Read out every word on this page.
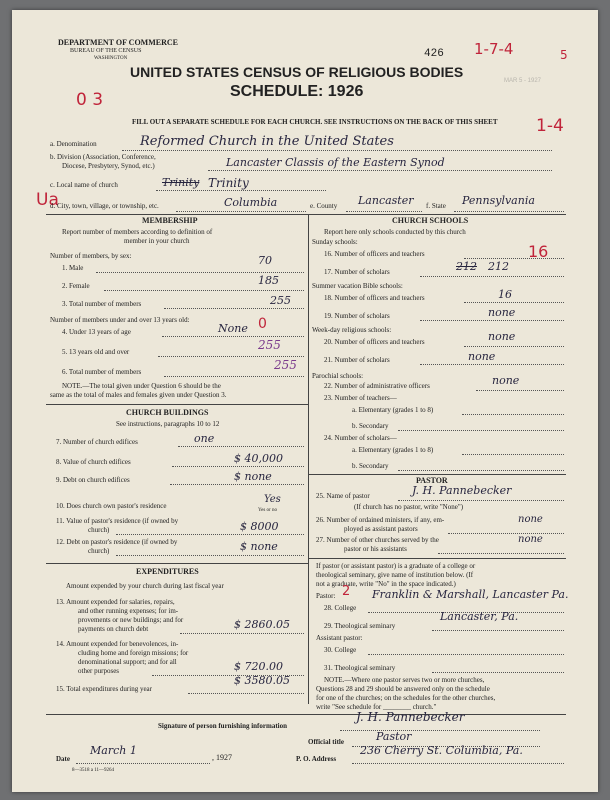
DEPARTMENT OF COMMERCE
BUREAU OF THE CENSUS
WASHINGTON	426 1-7-4	5
MAR 5 - 1927
UNITED STATES CENSUS OF RELIGIOUS BODIES
SCHEDULE: 1926
0 3
1-4
FILL OUT A SEPARATE SCHEDULE FOR EACH CHURCH. SEE INSTRUCTIONS ON THE BACK OF THIS SHEET
a. Denomination	Reformed Church in the United States
b. Division (Association, Conference,
Diocese, Presbytery, Synod, etc.)	Lancaster Classis of the Eastern Synod
Ua
c. Local name of church	Trinity Trinity
d. City, town, village, or township, etc.	Columbia	e. County Lancaster f. State Pennsylvania
MEMBERSHIP
Report number of members according to definition of
member in your church
Number of members, by sex:
1. Male
70
2. Female	185
3. Total number of members	255
Number of members under and over 13 years old:	0
4. Under 13 years of age	None
5. 13 years old and over	255
6. Total number of members	255
NOTE.—The total given under Question 6 should be the
same as the total of males and females given under Question 3.
CHURCH BUILDINGS
See instructions, paragraphs 10 to 12
7. Number of church edifices	one
8. Value of church edifices	$ 40,000
9. Debt on church edifices	$ none
10. Does church own pastor's residence
Yes
Yes or no
11. Value of pastor's residence (if owned by
church)	$ 8000
12. Debt on pastor's residence (if owned by
church)	$ none
EXPENDITURES
Amount expended by your church during last fiscal year
13. Amount expended for salaries, repairs,
and other running expenses; for im-
provements or new buildings; and for
payments on church debt	$ 2860.05
14. Amount expended for benevolences, in-
cluding home and foreign missions; for
denominational support; and for all
other purposes	$ 720.00
15. Total expenditures during year
$ 3580.05
CHURCH SCHOOLS
Report here only schools conducted by this church
Sunday schools:
16. Number of officers and teachers	16
17. Number of scholars	212 212
Summer vacation Bible schools:
18. Number of officers and teachers	16
19. Number of scholars	none
Week-day religious schools:
20. Number of officers and teachers	none
21. Number of scholars	none
Parochial schools:
22. Number of administrative officers	none
23. Number of teachers—
a. Elementary (grades 1 to 8)
b. Secondary
24. Number of scholars—
a. Elementary (grades 1 to 8)
b. Secondary
PASTOR
25. Name of pastor	J. H. Pannebecker
(If church has no pastor, write "None")
26. Number of ordained ministers, if any, em-
ployed as assistant pastors
none
27. Number of other churches served by the
pastor or his assistants
none
If pastor (or assistant pastor) is a graduate of a college or
theological seminary, give name of institution below. (If
not a graduate, write "No" in the space indicated.)
Pastor: 2
28. College
Franklin & Marshall, Lancaster Pa.
29. Theological seminary
Lancaster, Pa.
Assistant pastor:
30. College
31. Theological seminary
NOTE.—Where one pastor serves two or more churches,
Questions 28 and 29 should be answered only on the schedule
for one of the churches; on the schedules for the other churches,
write "See schedule for ________ church."
Signature of person furnishing information
J. H. Pannebecker
Official title	Pastor
Date
March 1
, 1927	P. O. Address
236 Cherry St. Columbia, Pa.
8—3518 a 11—9264
